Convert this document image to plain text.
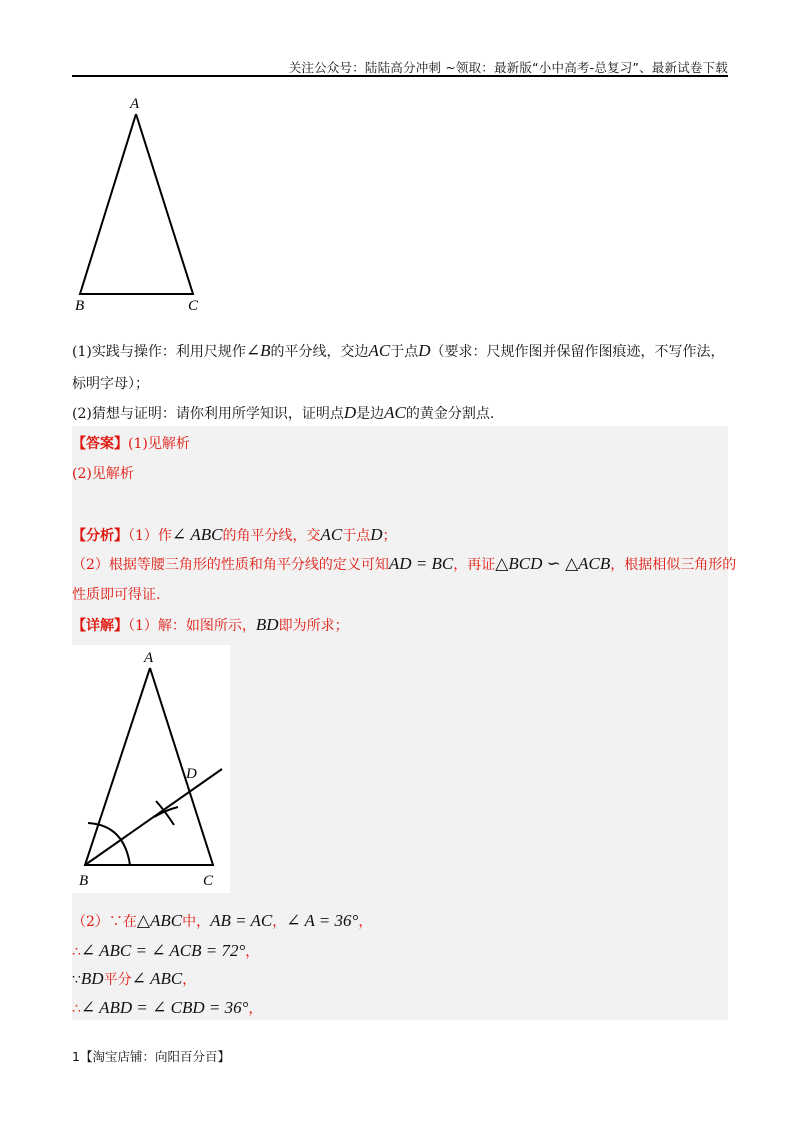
关注公众号：陆陆高分冲刺 ~领取：最新版“小中高考-总复习”、最新试卷下载
A
B	C
(1)实践与操作：利用尺规作∠B的平分线，交边AC于点D（要求：尺规作图并保留作图痕迹，不写作法，
标明字母）；
(2)猜想与证明：请你利用所学知识，证明点D是边AC的黄金分割点.
【答案】(1)见解析
(2)见解析
【分析】（1）作∠ ABC的角平分线，交AC于点D；
（2）根据等腰三角形的性质和角平分线的定义可知AD = BC，再证△BCD ∽ △ACB，根据相似三角形的
性质即可得证.
【详解】（1）解：如图所示，BD即为所求；
A
B	C
D
（2）∵在△ABC中，AB = AC，∠ A = 36°，
∴∠ ABC = ∠ ACB = 72°，
∵BD平分∠ ABC，
∴∠ ABD = ∠ CBD = 36°，
1【淘宝店铺：向阳百分百】
